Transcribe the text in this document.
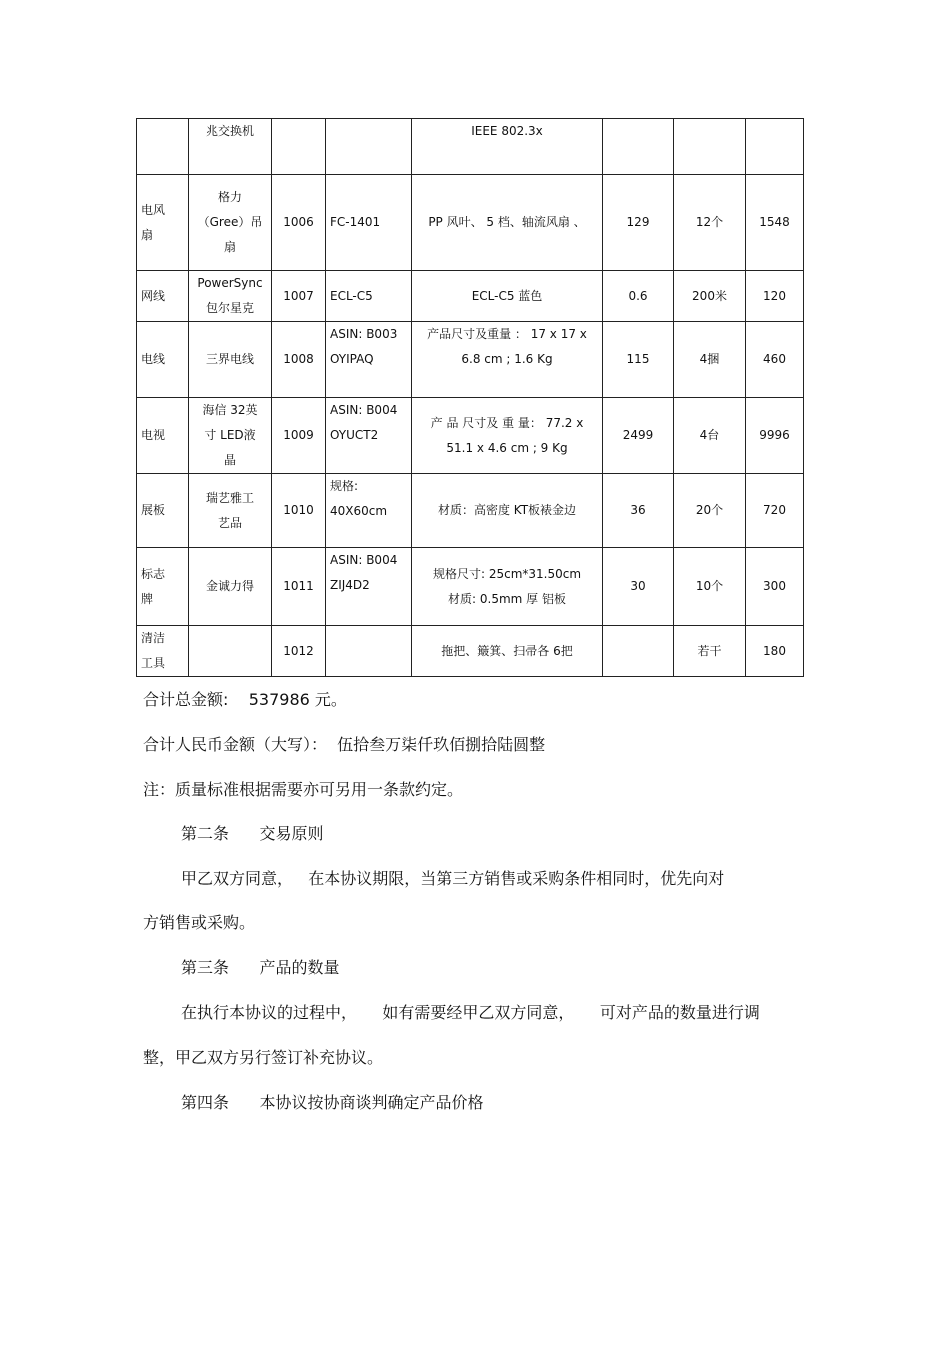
	兆交换机			IEEE 802.3x			

电风
扇	格力
（Gree）吊
扇	1006	FC-1401	PP 风叶、 5 档、轴流风扇 、	129	12个	1548

网线	PowerSync
包尔星克	1007	ECL-C5	ECL-C5 蓝色	0.6	200米	120

电线	三界电线	1008	ASIN: B003
OYIPAQ	产品尺寸及重量 ： 17 x 17 x
6.8 cm ; 1.6 Kg	115	4捆	460

电视	海信 32英
寸 LED液
晶	1009	ASIN: B004
OYUCT2	产 品 尺寸及 重 量： 77.2 x
51.1 x 4.6 cm ; 9 Kg	2499	4台	9996

展板	瑞艺雅工
艺品	1010	规格:
40X60cm	材质：高密度 KT板裱金边	36	20个	720

标志
牌	金诚力得	1011	ASIN: B004
ZIJ4D2	规格尺寸: 25cm*31.50cm
材质: 0.5mm 厚 铝板	30	10个	300

清洁
工具		1012		拖把、簸箕、扫帚各 6把		若干	180

合计总金额:    537986 元。

合计人民币金额（大写）：  伍拾叁万柒仟玖佰捌拾陆圆整

注：质量标准根据需要亦可另用一条款约定。

第二条      交易原则

甲乙双方同意，   在本协议期限，当第三方销售或采购条件相同时，优先向对

方销售或采购。

第三条      产品的数量

在执行本协议的过程中，     如有需要经甲乙双方同意，     可对产品的数量进行调

整，甲乙双方另行签订补充协议。

第四条      本协议按协商谈判确定产品价格
